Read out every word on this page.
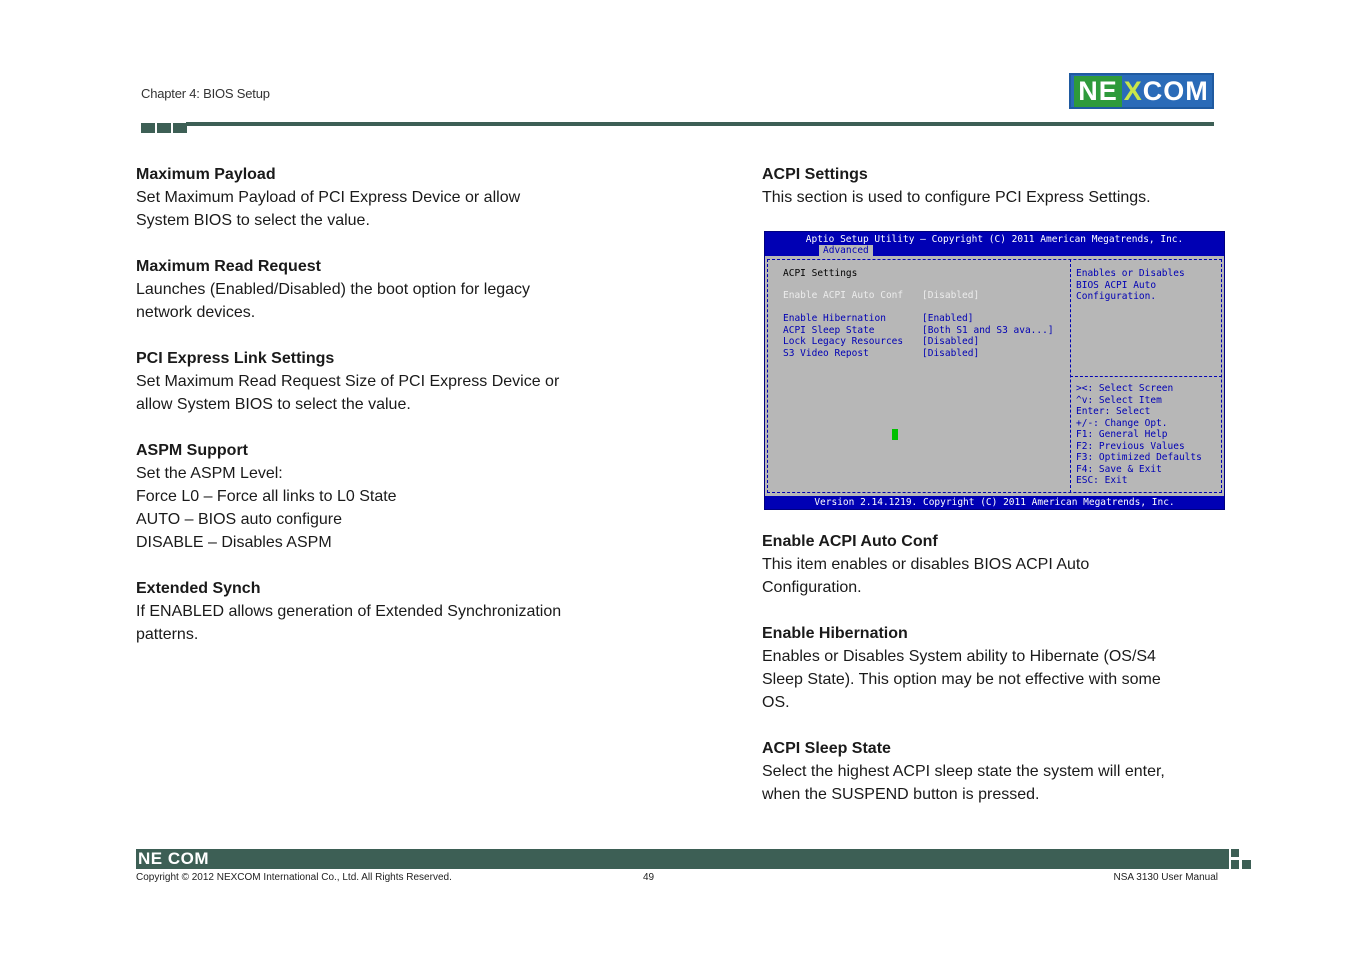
Chapter 4: BIOS Setup	NE X COM
Maximum Payload

Set Maximum Payload of PCI Express Device or allow

System BIOS to select the value.

Maximum Read Request

Launches (Enabled/Disabled) the boot option for legacy

network devices.

PCI Express Link Settings

Set Maximum Read Request Size of PCI Express Device or

allow System BIOS to select the value.

ASPM Support

Set the ASPM Level:

Force L0 – Force all links to L0 State

AUTO – BIOS auto configure

DISABLE – Disables ASPM

Extended Synch

If ENABLED allows generation of Extended Synchronization

patterns.

ACPI Settings

This section is used to configure PCI Express Settings.

Aptio Setup Utility – Copyright (C) 2011 American Megatrends, Inc.
Advanced
ACPI Settings
Enable ACPI Auto Conf	[Disabled]
Enable Hibernation	[Enabled]
ACPI Sleep State	[Both S1 and S3 ava...]
Lock Legacy Resources	[Disabled]
S3 Video Repost	[Disabled]
Enables or Disables
BIOS ACPI Auto
Configuration.
><: Select Screen
^v: Select Item
Enter: Select
+/-: Change Opt.
F1: General Help
F2: Previous Values
F3: Optimized Defaults
F4: Save & Exit
ESC: Exit
Version 2.14.1219. Copyright (C) 2011 American Megatrends, Inc.
Enable ACPI Auto Conf

This item enables or disables BIOS ACPI Auto

Configuration.

Enable Hibernation

Enables or Disables System ability to Hibernate (OS/S4

Sleep State). This option may be not effective with some

OS.

ACPI Sleep State

Select the highest ACPI sleep state the system will enter,

when the SUSPEND button is pressed.

NE COM
Copyright © 2012 NEXCOM International Co., Ltd. All Rights Reserved.	49	NSA 3130 User Manual
